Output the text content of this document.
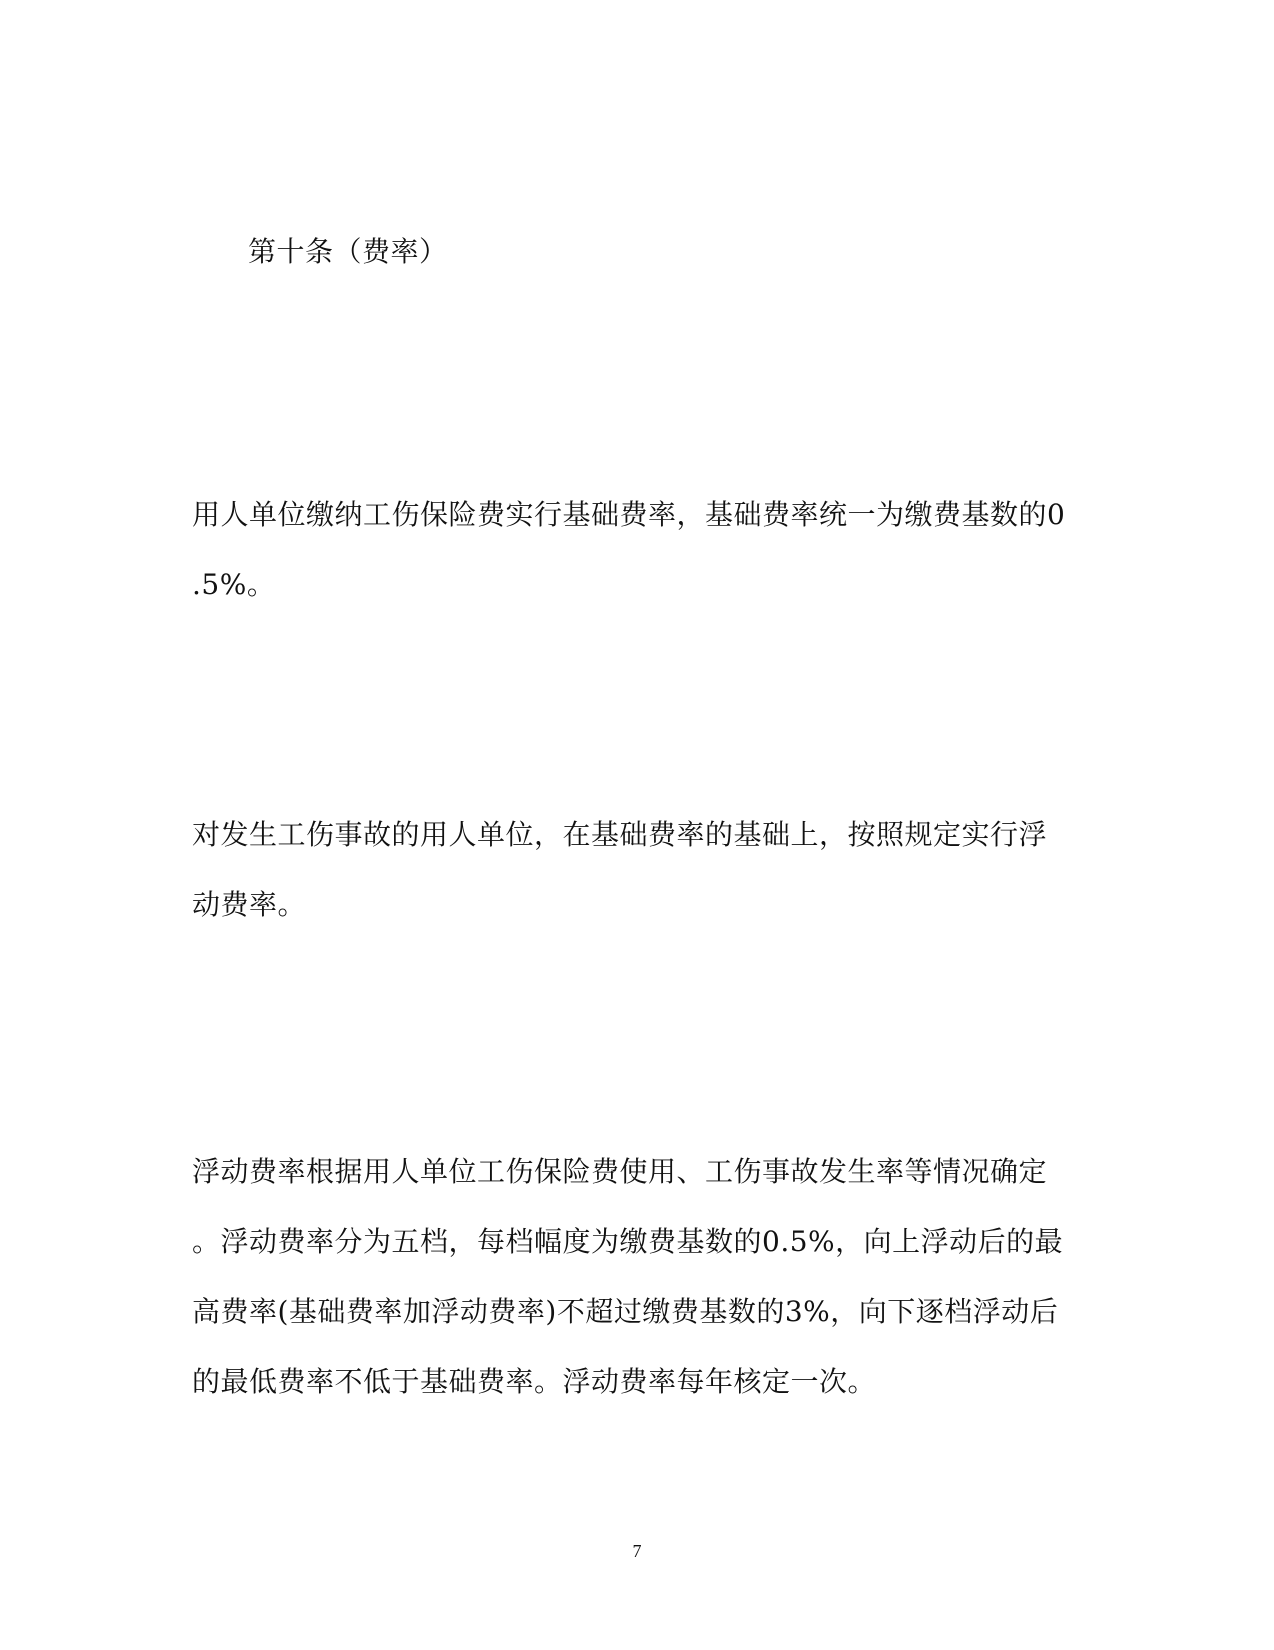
第十条（费率）
用人单位缴纳工伤保险费实行基础费率，基础费率统一为缴费基数的0
.5%。
对发生工伤事故的用人单位，在基础费率的基础上，按照规定实行浮
动费率。
浮动费率根据用人单位工伤保险费使用、工伤事故发生率等情况确定
。浮动费率分为五档，每档幅度为缴费基数的0.5%，向上浮动后的最
高费率(基础费率加浮动费率)不超过缴费基数的3%，向下逐档浮动后
的最低费率不低于基础费率。浮动费率每年核定一次。
7
